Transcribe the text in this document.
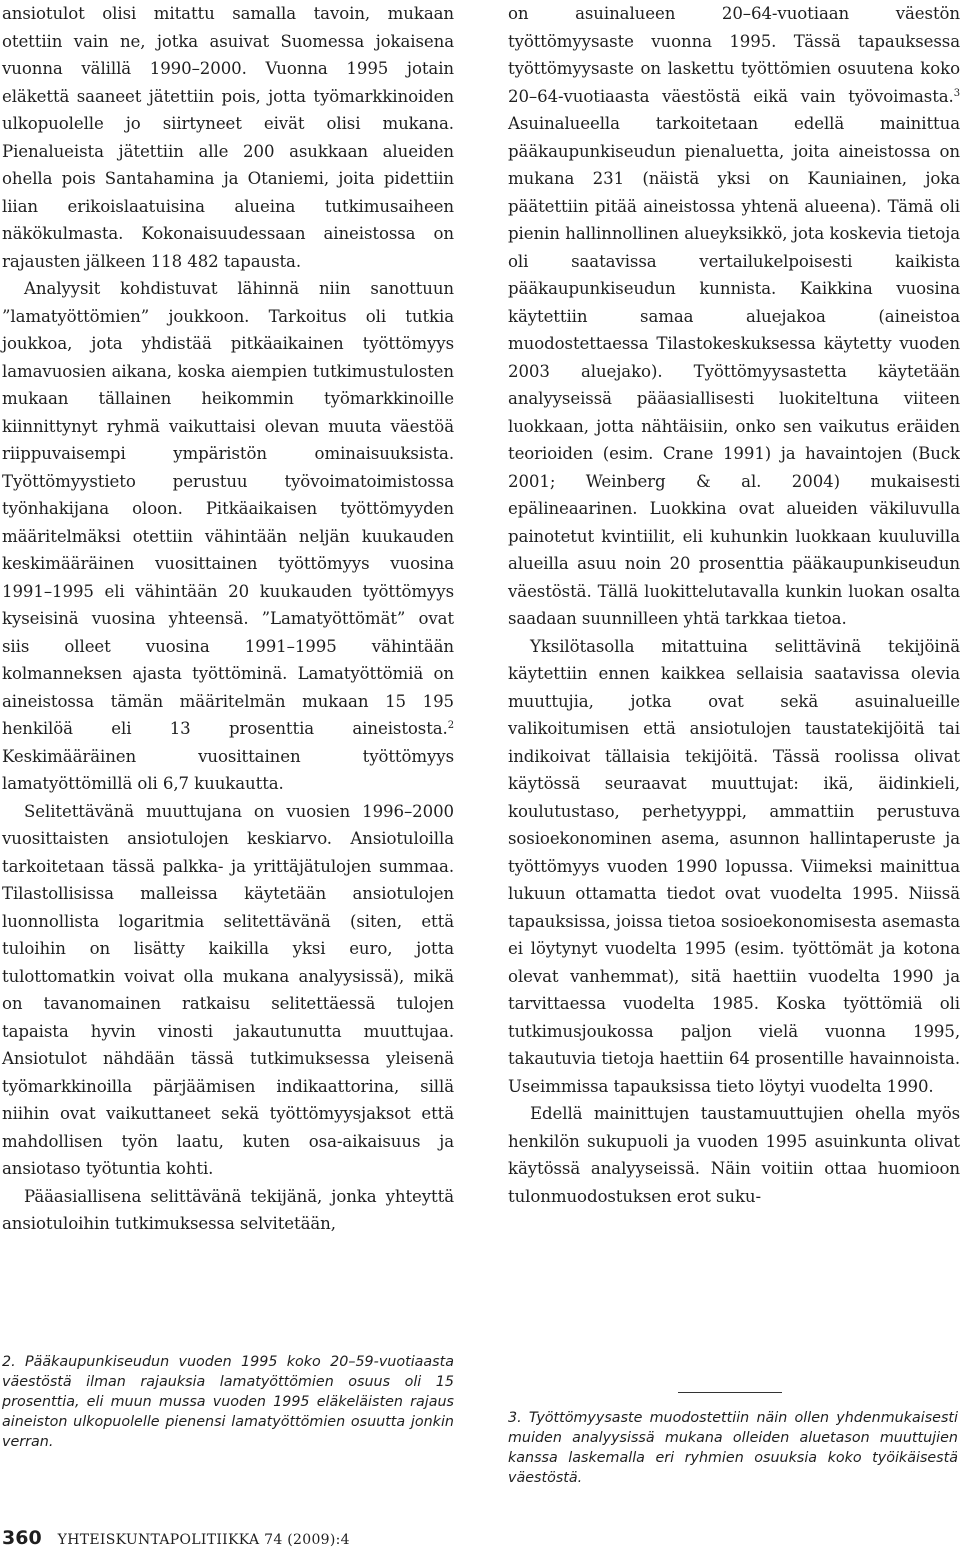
ansiotulot olisi mitattu samalla tavoin, mukaan otettiin vain ne, jotka asuivat Suomessa jokaisena vuonna välillä 1990–2000. Vuonna 1995 jotain eläkettä saaneet jätettiin pois, jotta työmarkkinoiden ulkopuolelle jo siirtyneet eivät olisi mukana. Pienalueista jätettiin alle 200 asukkaan alueiden ohella pois Santahamina ja Otaniemi, joita pidettiin liian erikoislaatuisina alueina tutkimusaiheen näkökulmasta. Kokonaisuudessaan aineistossa on rajausten jälkeen 118 482 tapausta.

Analyysit kohdistuvat lähinnä niin sanottuun ”lamatyöttömien” joukkoon. Tarkoitus oli tutkia joukkoa, jota yhdistää pitkäaikainen työttömyys lamavuosien aikana, koska aiempien tutkimustulosten mukaan tällainen heikommin työmarkkinoille kiinnittynyt ryhmä vaikuttaisi olevan muuta väestöä riippuvaisempi ympäristön ominaisuuksista. Työttömyystieto perustuu työvoimatoimistossa työnhakijana oloon. Pitkäaikaisen työttömyyden määritelmäksi otettiin vähintään neljän kuukauden keskimääräinen vuosittainen työttömyys vuosina 1991–1995 eli vähintään 20 kuukauden työttömyys kyseisinä vuosina yhteensä. ”Lamatyöttömät” ovat siis olleet vuosina 1991–1995 vähintään kolmanneksen ajasta työttöminä. Lamatyöttömiä on aineistossa tämän määritelmän mukaan 15 195 henkilöä eli 13 prosenttia aineistosta.$^2$ Keskimääräinen vuosittainen työttömyys lamatyöttömillä oli 6,7 kuukautta.

Selitettävänä muuttujana on vuosien 1996–2000 vuosittaisten ansiotulojen keskiarvo. Ansiotuloilla tarkoitetaan tässä palkka- ja yrittäjätulojen summaa. Tilastollisissa malleissa käytetään ansiotulojen luonnollista logaritmia selitettävänä (siten, että tuloihin on lisätty kaikilla yksi euro, jotta tulottomatkin voivat olla mukana analyysissä), mikä on tavanomainen ratkaisu selitettäessä tulojen tapaista hyvin vinosti jakautunutta muuttujaa. Ansiotulot nähdään tässä tutkimuksessa yleisenä työmarkkinoilla pärjäämisen indikaattorina, sillä niihin ovat vaikuttaneet sekä työttömyysjaksot että mahdollisen työn laatu, kuten osa-aikaisuus ja ansiotaso työtuntia kohti.

Pääasiallisena selittävänä tekijänä, jonka yhteyttä ansiotuloihin tutkimuksessa selvitetään,

on asuinalueen 20–64-vuotiaan väestön työttömyysaste vuonna 1995. Tässä tapauksessa työttömyysaste on laskettu työttömien osuutena koko 20–64-vuotiaasta väestöstä eikä vain työvoimasta.$^3$ Asuinalueella tarkoitetaan edellä mainittua pääkaupunkiseudun pienaluetta, joita aineistossa on mukana 231 (näistä yksi on Kauniainen, joka päätettiin pitää aineistossa yhtenä alueena). Tämä oli pienin hallinnollinen alueyksikkö, jota koskevia tietoja oli saatavissa vertailukelpoisesti kaikista pääkaupunkiseudun kunnista. Kaikkina vuosina käytettiin samaa aluejakoa (aineistoa muodostettaessa Tilastokeskuksessa käytetty vuoden 2003 aluejako). Työttömyysastetta käytetään analyyseissä pääasiallisesti luokiteltuna viiteen luokkaan, jotta nähtäisiin, onko sen vaikutus eräiden teorioiden (esim. Crane 1991) ja havaintojen (Buck 2001; Weinberg & al. 2004) mukaisesti epälineaarinen. Luokkina ovat alueiden väkiluvulla painotetut kvintiilit, eli kuhunkin luokkaan kuuluvilla alueilla asuu noin 20 prosenttia pääkaupunkiseudun väestöstä. Tällä luokittelutavalla kunkin luokan osalta saadaan suunnilleen yhtä tarkkaa tietoa.

Yksilötasolla mitattuina selittävinä tekijöinä käytettiin ennen kaikkea sellaisia saatavissa olevia muuttujia, jotka ovat sekä asuinalueille valikoitumisen että ansiotulojen taustatekijöitä tai indikoivat tällaisia tekijöitä. Tässä roolissa olivat käytössä seuraavat muuttujat: ikä, äidinkieli, koulutustaso, perhetyyppi, ammattiin perustuva sosioekonominen asema, asunnon hallintaperuste ja työttömyys vuoden 1990 lopussa. Viimeksi mainittua lukuun ottamatta tiedot ovat vuodelta 1995. Niissä tapauksissa, joissa tietoa sosioekonomisesta asemasta ei löytynyt vuodelta 1995 (esim. työttömät ja kotona olevat vanhemmat), sitä haettiin vuodelta 1990 ja tarvittaessa vuodelta 1985. Koska työttömiä oli tutkimusjoukossa paljon vielä vuonna 1995, takautuvia tietoja haettiin 64 prosentille havainnoista. Useimmissa tapauksissa tieto löytyi vuodelta 1990.

Edellä mainittujen taustamuuttujien ohella myös henkilön sukupuoli ja vuoden 1995 asuinkunta olivat käytössä analyyseissä. Näin voitiin ottaa huomioon tulonmuodostuksen erot suku-

2. Pääkaupunkiseudun vuoden 1995 koko 20–59-vuotiaasta väestöstä ilman rajauksia lamatyöttömien osuus oli 15 prosenttia, eli muun mussa vuoden 1995 eläkeläisten rajaus aineiston ulkopuolelle pienensi lamatyöttömien osuutta jonkin verran.
3. Työttömyysaste muodostettiin näin ollen yhdenmukaisesti muiden analyysissä mukana olleiden aluetason muuttujien kanssa laskemalla eri ryhmien osuuksia koko työikäisestä väestöstä.
360 YHTEISKUNTAPOLITIIKKA 74 (2009):4
